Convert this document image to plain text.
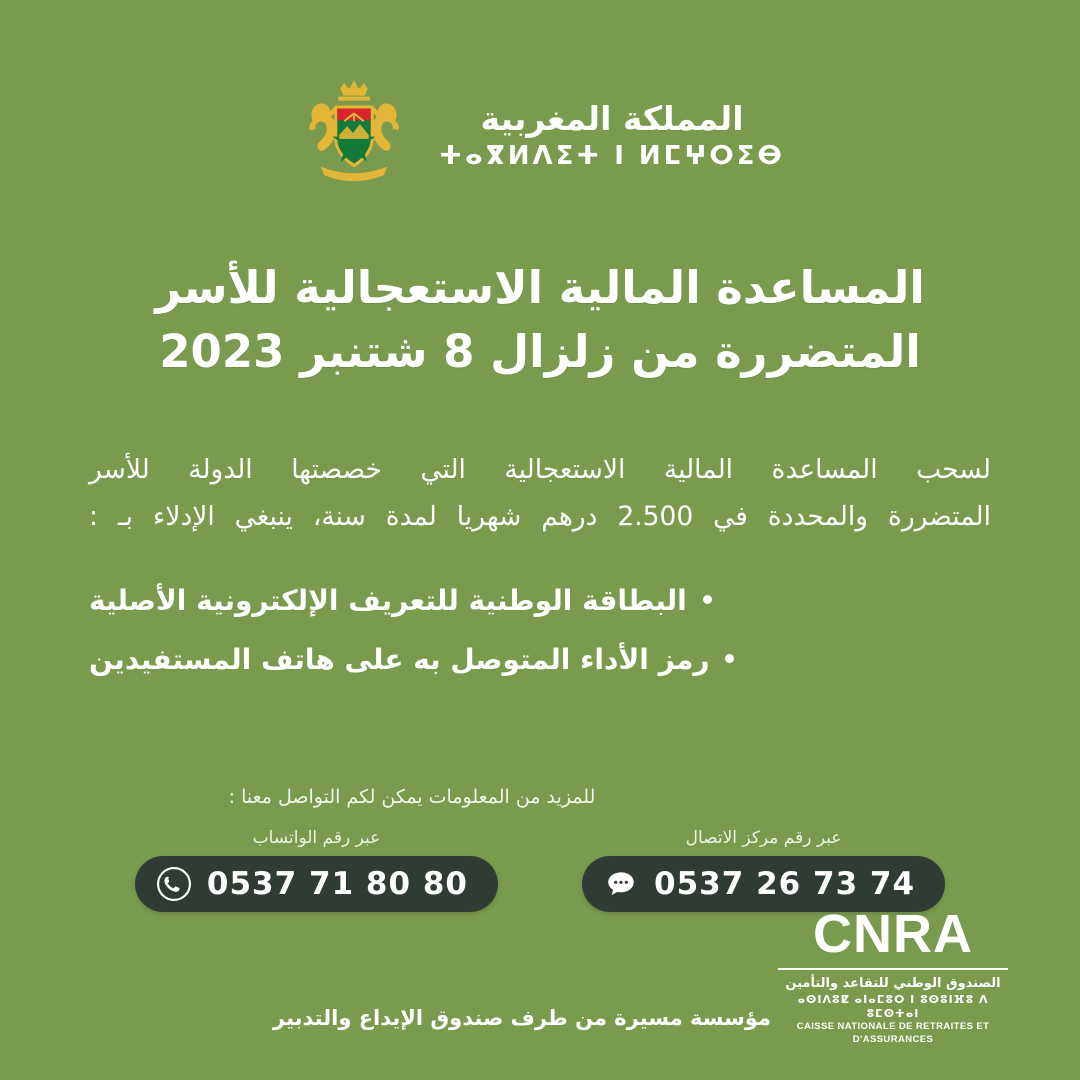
المملكة المغربية
ⵜⴰⴳⵍⴷⵉⵜ ⵏ ⵍⵎⵖⵔⵉⴱ
المساعدة المالية الاستعجالية للأسر
المتضررة من زلزال 8 شتنبر 2023
لسحب المساعدة المالية الاستعجالية التي خصصتها الدولة للأسر
المتضررة والمحددة في 2.500 درهم شهريا لمدة سنة، ينبغي الإدلاء بـ :
البطاقة الوطنية للتعريف الإلكترونية الأصلية
رمز الأداء المتوصل به على هاتف المستفيدين
للمزيد من المعلومات يمكن لكم التواصل معنا :
عبر رقم الواتساب
0537 71 80 80
عبر رقم مركز الاتصال
0537 26 73 74
CNRA
الصندوق الوطني للتقاعد والتأمين
ⴰⵙⵏⴷⵓⵇ ⴰⵏⴰⵎⵓⵔ ⵏ ⵓⵙⵓⵏⴼⵓ ⴷ ⵓⵎⵙⵜⴰⵏ
CAISSE NATIONALE DE RETRAITES ET D'ASSURANCES
مؤسسة مسيرة من طرف صندوق الإيداع والتدبير
